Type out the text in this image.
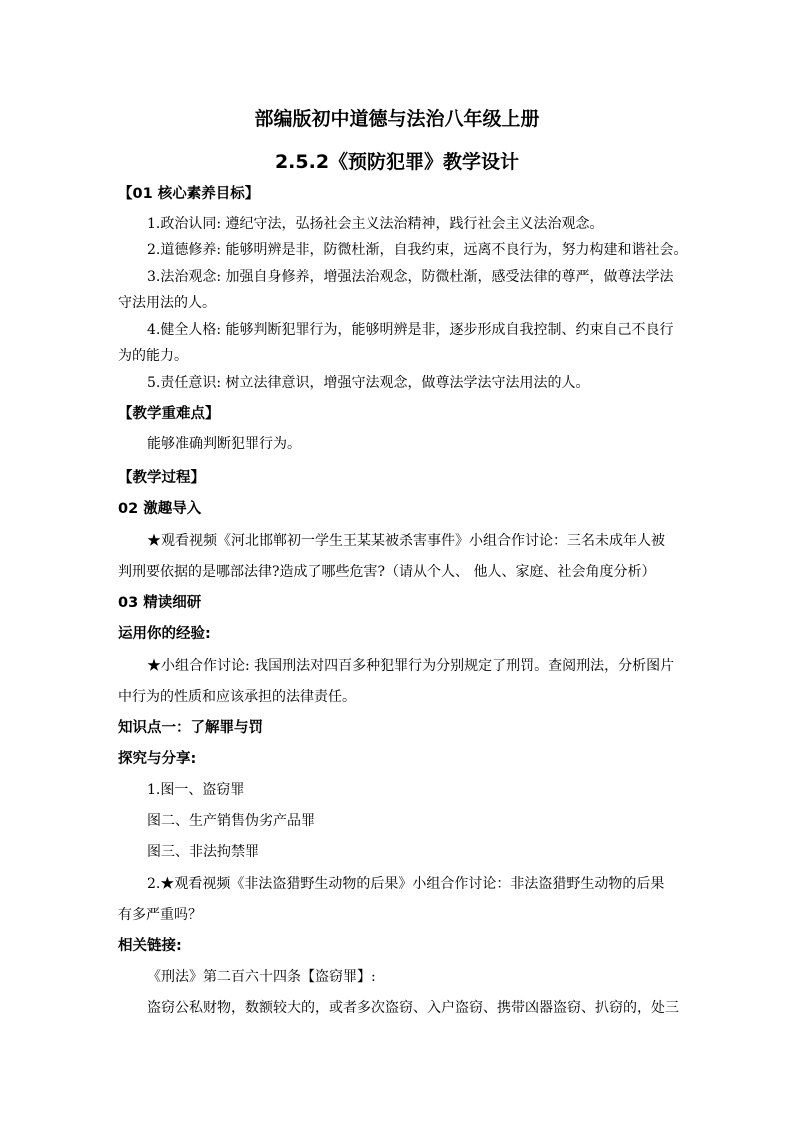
部编版初中道德与法治八年级上册
2.5.2《预防犯罪》教学设计
【01 核心素养目标】
1.政治认同: 遵纪守法，弘扬社会主义法治精神，践行社会主义法治观念。
2.道德修养: 能够明辨是非，防微杜渐，自我约束，远离不良行为，努力构建和谐社会。
3.法治观念: 加强自身修养，增强法治观念，防微杜渐，感受法律的尊严，做尊法学法
守法用法的人。
4.健全人格: 能够判断犯罪行为，能够明辨是非，逐步形成自我控制、约束自己不良行
为的能力。
5.责任意识: 树立法律意识，增强守法观念，做尊法学法守法用法的人。
【教学重难点】
能够准确判断犯罪行为。
【教学过程】
02 激趣导入
★观看视频《河北邯郸初一学生王某某被杀害事件》小组合作讨论：三名未成年人被
判刑要依据的是哪部法律?造成了哪些危害?（请从个人、 他人、家庭、社会角度分析）
03 精读细研
运用你的经验:
★小组合作讨论: 我国刑法对四百多种犯罪行为分别规定了刑罚。查阅刑法，分析图片
中行为的性质和应该承担的法律责任。
知识点一：了解罪与罚
探究与分享:
1.图一、盗窃罪
图二、生产销售伪劣产品罪
图三、非法拘禁罪
2.★观看视频《非法盗猎野生动物的后果》小组合作讨论：非法盗猎野生动物的后果
有多严重吗？
相关链接:
《刑法》第二百六十四条【盗窃罪】:
盗窃公私财物，数额较大的，或者多次盗窃、入户盗窃、携带凶器盗窃、扒窃的，处三
